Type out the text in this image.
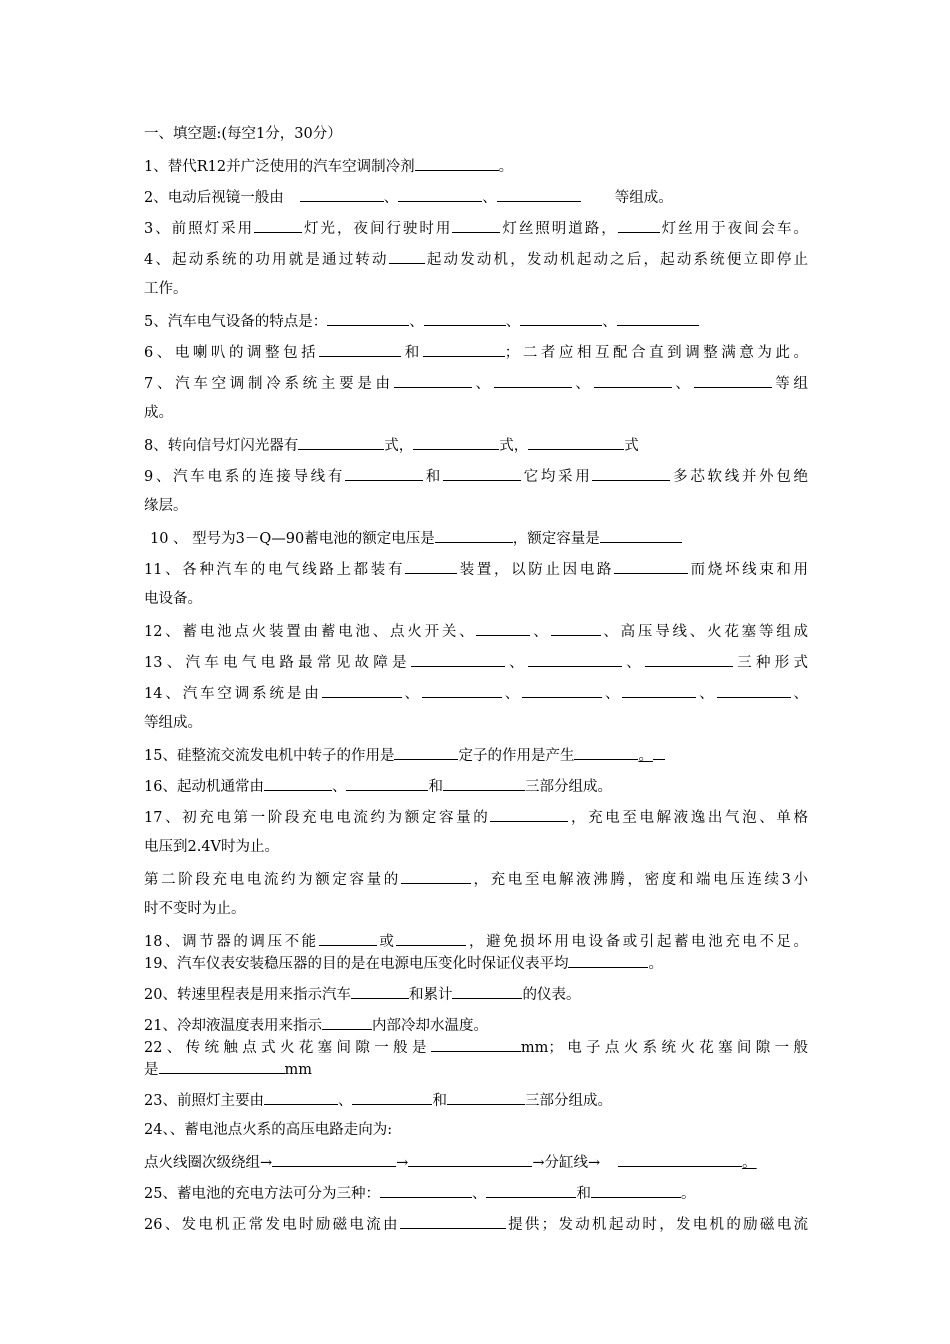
一、填空题:(每空1分，30分）
1、替代R12并广泛使用的汽车空调制冷剂	。
2、电动后视镜一般由	、	、	等组成。
3、前照灯采用	灯光，夜间行驶时用	灯丝照明道路，	灯丝用于夜间会车。
4、起动系统的功用就是通过转动 起动发动机，发动机起动之后，起动系统便立即停止
工作。
5、汽车电气设备的特点是：	、	、	、
6、电喇叭的调整包括	和	；二者应相互配合直到调整满意为此。
7、汽车空调制冷系统主要是由	、	、	、	等组
成。
8、转向信号灯闪光器有	式，	式，	式
9、汽车电系的连接导线有	和	它均采用	多芯软线并外包绝
缘层。
10 、 型号为3－Q—90蓄电池的额定电压是	，额定容量是
11、各种汽车的电气线路上都装有	装置，以防止因电路	而烧坏线束和用
电设备。
12、蓄电池点火装置由蓄电池、点火开关、	、	、高压导线、火花塞等组成
13、汽车电气电路最常见故障是	、	、	三种形式
14、汽车空调系统是由	、	、	、	、	、
等组成。
15、硅整流交流发电机中转子的作用是	定子的作用是产生	。
16、起动机通常由	、	和	三部分组成。
17、初充电第一阶段充电电流约为额定容量的	，充电至电解液逸出气泡、单格
电压到2.4V时为止。
第二阶段充电电流约为额定容量的	，充电至电解液沸腾，密度和端电压连续3小
时不变时为止。
18、调节器的调压不能	或	，避免损坏用电设备或引起蓄电池充电不足。
19、汽车仪表安装稳压器的目的是在电源电压变化时保证仪表平均	。
20、转速里程表是用来指示汽车	和累计	的仪表。
21、冷却液温度表用来指示	内部冷却水温度。
22、传统触点式火花塞间隙一般是	mm；电子点火系统火花塞间隙一般
是	mm
23、前照灯主要由	、	和	三部分组成。
24、、蓄电池点火系的高压电路走向为:
点火线圈次级绕组→	→	→分缸线→	。
25、蓄电池的充电方法可分为三种：	、	和	。
26、发电机正常发电时励磁电流由	提供；发动机起动时，发电机的励磁电流
